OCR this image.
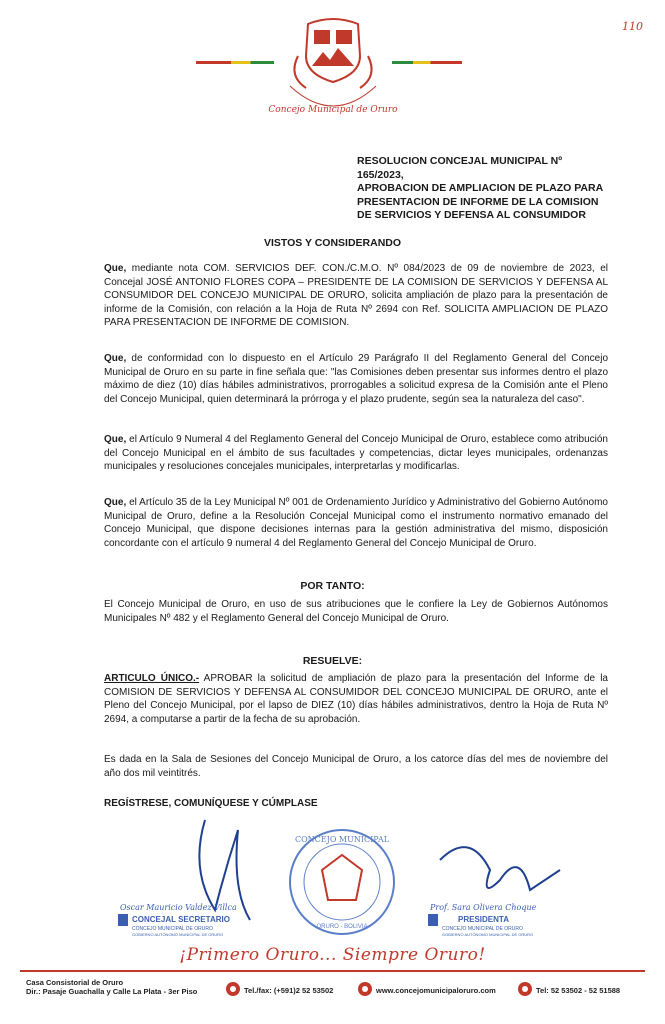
110
Concejo Municipal de Oruro
RESOLUCION CONCEJAL MUNICIPAL Nº 165/2023,
APROBACION DE AMPLIACION DE PLAZO PARA
PRESENTACION DE INFORME DE LA COMISION
DE SERVICIOS Y DEFENSA AL CONSUMIDOR
VISTOS Y CONSIDERANDO
Que, mediante nota COM. SERVICIOS DEF. CON./C.M.O. Nº 084/2023 de 09 de noviembre de 2023, el Concejal JOSÉ ANTONIO FLORES COPA – PRESIDENTE DE LA COMISION DE SERVICIOS Y DEFENSA AL CONSUMIDOR DEL CONCEJO MUNICIPAL DE ORURO, solicita ampliación de plazo para la presentación de informe de la Comisión, con relación a la Hoja de Ruta Nº 2694 con Ref. SOLICITA AMPLIACION DE PLAZO PARA PRESENTACION DE INFORME DE COMISION.
Que, de conformidad con lo dispuesto en el Artículo 29 Parágrafo II del Reglamento General del Concejo Municipal de Oruro en su parte in fine señala que: "las Comisiones deben presentar sus informes dentro el plazo máximo de diez (10) días hábiles administrativos, prorrogables a solicitud expresa de la Comisión ante el Pleno del Concejo Municipal, quien determinará la prórroga y el plazo prudente, según sea la naturaleza del caso".
Que, el Artículo 9 Numeral 4 del Reglamento General del Concejo Municipal de Oruro, establece como atribución del Concejo Municipal en el ámbito de sus facultades y competencias, dictar leyes municipales, ordenanzas municipales y resoluciones concejales municipales, interpretarlas y modificarlas.
Que, el Artículo 35 de la Ley Municipal Nº 001 de Ordenamiento Jurídico y Administrativo del Gobierno Autónomo Municipal de Oruro, define a la Resolución Concejal Municipal como el instrumento normativo emanado del Concejo Municipal, que dispone decisiones internas para la gestión administrativa del mismo, disposición concordante con el artículo 9 numeral 4 del Reglamento General del Concejo Municipal de Oruro.
POR TANTO:
El Concejo Municipal de Oruro, en uso de sus atribuciones que le confiere la Ley de Gobiernos Autónomos Municipales Nº 482 y el Reglamento General del Concejo Municipal de Oruro.
RESUELVE:
ARTICULO ÚNICO.- APROBAR la solicitud de ampliación de plazo para la presentación del Informe de la COMISION DE SERVICIOS Y DEFENSA AL CONSUMIDOR DEL CONCEJO MUNICIPAL DE ORURO, ante el Pleno del Concejo Municipal, por el lapso de DIEZ (10) días hábiles administrativos, dentro la Hoja de Ruta Nº 2694, a computarse a partir de la fecha de su aprobación.
Es dada en la Sala de Sesiones del Concejo Municipal de Oruro, a los catorce días del mes de noviembre del año dos mil veintitrés.
REGÍSTRESE, COMUNÍQUESE Y CÚMPLASE
Oscar Mauricio Valdez Villca
CONCEJAL SECRETARIO
CONCEJO MUNICIPAL DE ORURO
GOBIERNO AUTÓNOMO MUNICIPAL DE ORURO
CONCEJO MUNICIPAL
ORURO - BOLIVIA
Prof. Sara Olivera Choque
PRESIDENTA
CONCEJO MUNICIPAL DE ORURO
GOBIERNO AUTÓNOMO MUNICIPAL DE ORURO
¡Primero Oruro... Siempre Oruro!
Casa Consistorial de Oruro
Dir.: Pasaje Guachalla y Calle La Plata - 3er Piso	Tel./fax: (+591)2 52 53502	www.concejomunicipaloruro.com	Tel: 52 53502 - 52 51588
